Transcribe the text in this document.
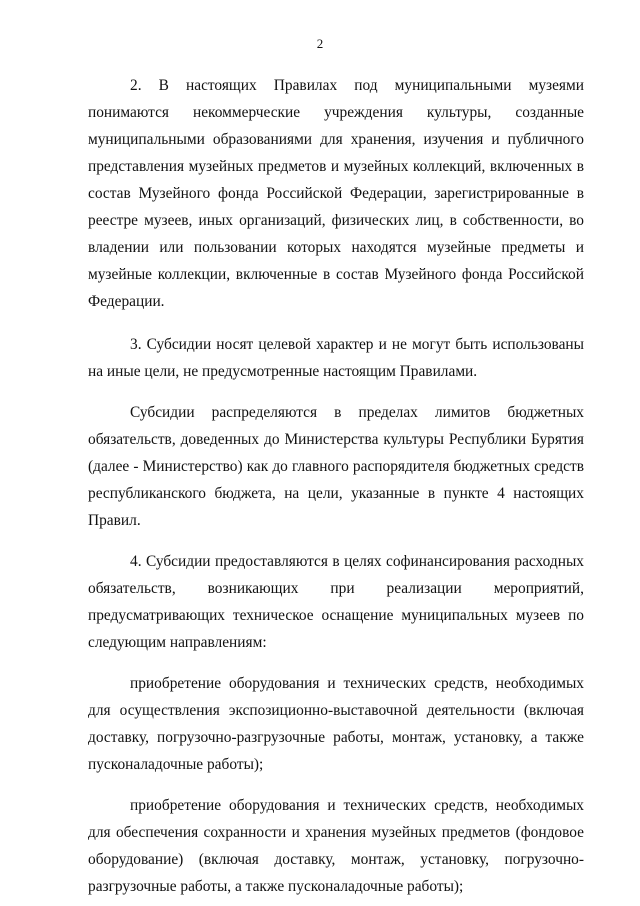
2

2. В настоящих Правилах под муниципальными музеями понимаются некоммерческие учреждения культуры, созданные муниципальными образованиями для хранения, изучения и публичного представления музейных предметов и музейных коллекций, включенных в состав Музейного фонда Российской Федерации, зарегистрированные в реестре музеев, иных организаций, физических лиц, в собственности, во владении или пользовании которых находятся музейные предметы и музейные коллекции, включенные в состав Музейного фонда Российской Федерации.

3. Субсидии носят целевой характер и не могут быть использованы на иные цели, не предусмотренные настоящим Правилами.

Субсидии распределяются в пределах лимитов бюджетных обязательств, доведенных до Министерства культуры Республики Бурятия (далее - Министерство) как до главного распорядителя бюджетных средств республиканского бюджета, на цели, указанные в пункте 4 настоящих Правил.

4. Субсидии предоставляются в целях софинансирования расходных обязательств, возникающих при реализации мероприятий, предусматривающих техническое оснащение муниципальных музеев по следующим направлениям:

приобретение оборудования и технических средств, необходимых для осуществления экспозиционно-выставочной деятельности (включая доставку, погрузочно-разгрузочные работы, монтаж, установку, а также пусконаладочные работы);

приобретение оборудования и технических средств, необходимых для обеспечения сохранности и хранения музейных предметов (фондовое оборудование) (включая доставку, монтаж, установку, погрузочно-разгрузочные работы, а также пусконаладочные работы);
